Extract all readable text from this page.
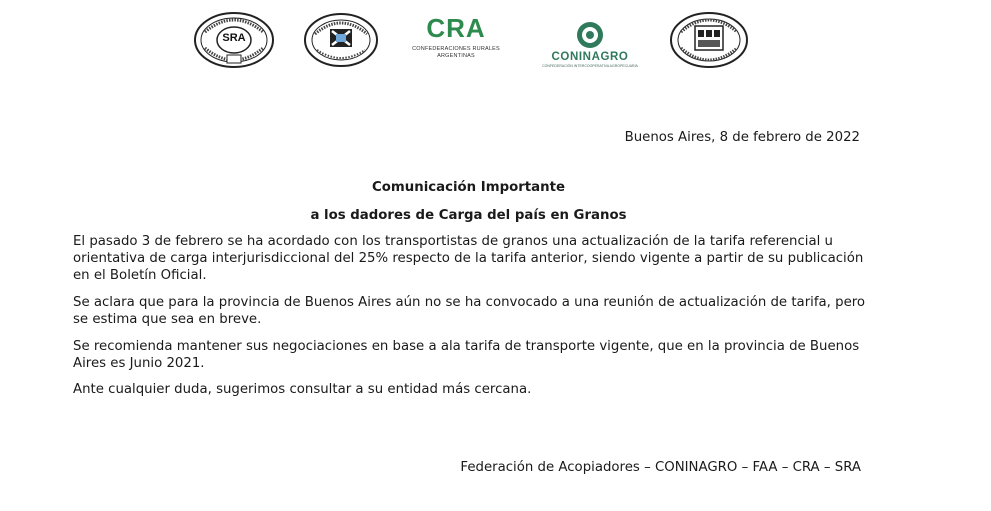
SRA	CRA
CONFEDERACIONES RURALES ARGENTINAS	CONINAGRO
CONFEDERACIÓN INTERCOOPERATIVA AGROPECUARIA
Buenos Aires, 8 de febrero de 2022
Comunicación Importante
a los dadores de Carga del país en Granos
El pasado 3 de febrero se ha acordado con los transportistas de granos una actualización de la tarifa referencial u orientativa de carga interjurisdiccional del 25% respecto de la tarifa anterior, siendo vigente a partir de su publicación en el Boletín Oficial.
Se aclara que para la provincia de Buenos Aires aún no se ha convocado a una reunión de actualización de tarifa, pero se estima que sea en breve.
Se recomienda mantener sus negociaciones en base a ala tarifa de transporte vigente, que en la provincia de Buenos Aires es Junio 2021.
Ante cualquier duda, sugerimos consultar a su entidad más cercana.
Federación de Acopiadores – CONINAGRO – FAA – CRA – SRA
